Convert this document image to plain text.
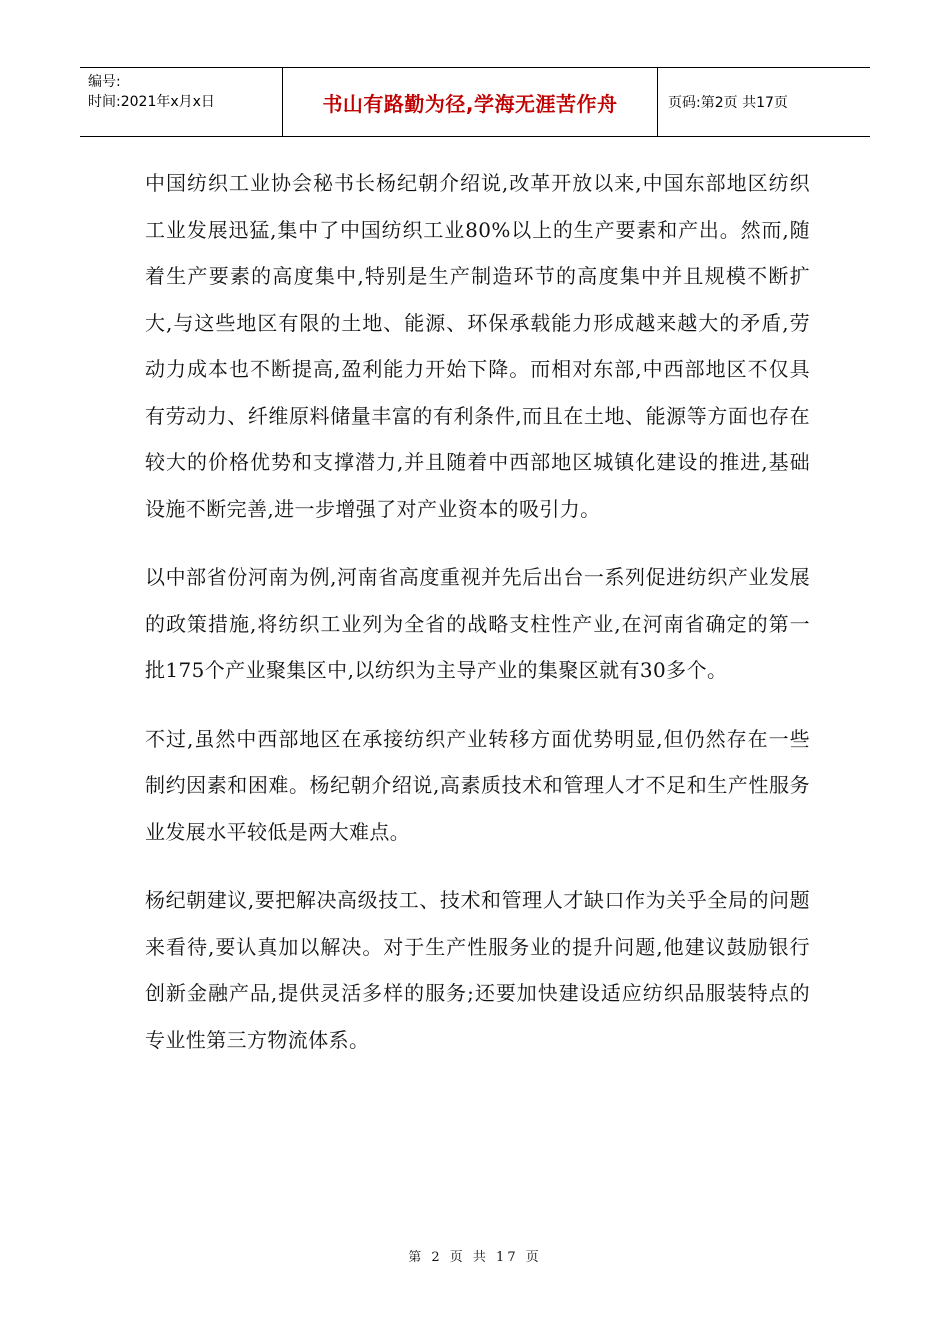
编号:
时间:2021年x月x日	书山有路勤为径,学海无涯苦作舟	页码:第2页 共17页

中国纺织工业协会秘书长杨纪朝介绍说,改革开放以来,中国东部地区纺织工业发展迅猛,集中了中国纺织工业80%以上的生产要素和产出。然而,随着生产要素的高度集中,特别是生产制造环节的高度集中并且规模不断扩大,与这些地区有限的土地、能源、环保承载能力形成越来越大的矛盾,劳动力成本也不断提高,盈利能力开始下降。而相对东部,中西部地区不仅具有劳动力、纤维原料储量丰富的有利条件,而且在土地、能源等方面也存在较大的价格优势和支撑潜力,并且随着中西部地区城镇化建设的推进,基础设施不断完善,进一步增强了对产业资本的吸引力。

以中部省份河南为例,河南省高度重视并先后出台一系列促进纺织产业发展的政策措施,将纺织工业列为全省的战略支柱性产业,在河南省确定的第一批175个产业聚集区中,以纺织为主导产业的集聚区就有30多个。

不过,虽然中西部地区在承接纺织产业转移方面优势明显,但仍然存在一些制约因素和困难。杨纪朝介绍说,高素质技术和管理人才不足和生产性服务业发展水平较低是两大难点。

杨纪朝建议,要把解决高级技工、技术和管理人才缺口作为关乎全局的问题来看待,要认真加以解决。对于生产性服务业的提升问题,他建议鼓励银行创新金融产品,提供灵活多样的服务;还要加快建设适应纺织品服装特点的专业性第三方物流体系。

第 2 页 共 17 页
